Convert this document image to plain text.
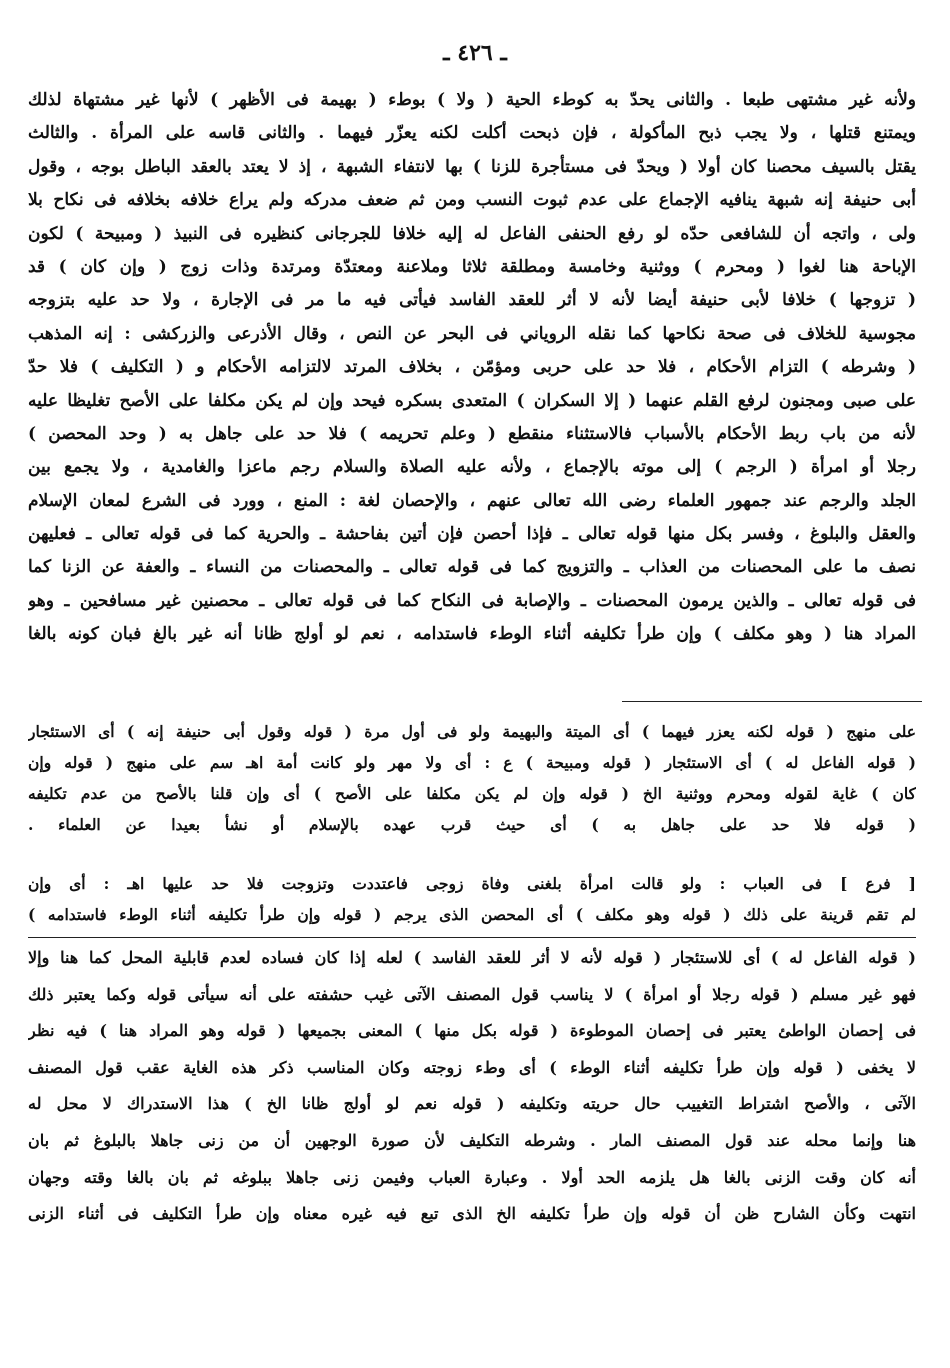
ـ ٤٢٦ ـ
ولأنه غير مشتهى طبعا . والثانى يحدّ به كوطء الحية ( ولا ) بوطء ( بهيمة فى الأظهر ) لأنها غير مشتهاة لذلك
ويمتنع قتلها ، ولا يجب ذبح المأكولة ، فإن ذبحت أكلت لكنه يعزّر فيهما . والثانى قاسه على المرأة . والثالث
يقتل بالسيف محصنا كان أولا ( ويحدّ فى مستأجرة للزنا ) بها لانتفاء الشبهة ، إذ لا يعتد بالعقد الباطل بوجه ، وقول
أبى حنيفة إنه شبهة ينافيه الإجماع على عدم ثبوت النسب ومن ثم ضعف مدركه ولم يراع خلافه بخلافه فى نكاح بلا
ولى ، واتجه أن للشافعى حدّه لو رفع الحنفى الفاعل له إليه خلافا للجرجانى كنظيره فى النبيذ ( ومبيحة ) لكون
الإباحة هنا لغوا ( ومحرم ) ووثنية وخامسة ومطلقة ثلاثا وملاعنة ومعتدّة ومرتدة وذات زوج ( وإن كان ) قد
( تزوجها ) خلافا لأبى حنيفة أيضا لأنه لا أثر للعقد الفاسد فيأتى فيه ما مر فى الإجارة ، ولا حد عليه بتزوجه
مجوسية للخلاف فى صحة نكاحها كما نقله الروياني فى البحر عن النص ، وقال الأذرعى والزركشى : إنه المذهب
( وشرطه ) التزام الأحكام ، فلا حد على حربى ومؤمّن ، بخلاف المرتد لالتزامه الأحكام و ( التكليف ) فلا حدّ
على صبى ومجنون لرفع القلم عنهما ( إلا السكران ) المتعدى بسكره فيحد وإن لم يكن مكلفا على الأصح تغليظا عليه
لأنه من باب ربط الأحكام بالأسباب فالاستثناء منقطع ( وعلم تحريمه ) فلا حد على جاهل به ( وحد المحصن )
رجلا أو امرأة ( الرجم ) إلى موته بالإجماع ، ولأنه عليه الصلاة والسلام رجم ماعزا والغامدية ، ولا يجمع بين
الجلد والرجم عند جمهور العلماء رضى الله تعالى عنهم ، والإحصان لغة : المنع ، وورد فى الشرع لمعان الإسلام
والعقل والبلوغ ، وفسر بكل منها قوله تعالى ـ فإذا أحصن فإن أتين بفاحشة ـ والحرية كما فى قوله تعالى ـ فعليهن
نصف ما على المحصنات من العذاب ـ والتزويج كما فى قوله تعالى ـ والمحصنات من النساء ـ والعفة عن الزنا كما
فى قوله تعالى ـ والذين يرمون المحصنات ـ والإصابة فى النكاح كما فى قوله تعالى ـ محصنين غير مسافحين ـ وهو
المراد هنا ( وهو مكلف ) وإن طرأ تكليفه أثناء الوطء فاستدامه ، نعم لو أولج ظانا أنه غير بالغ فبان كونه بالغا
على منهج ( قوله لكنه يعزر فيهما ) أى الميتة والبهيمة ولو فى أول مرة ( قوله وقول أبى حنيفة إنه ) أى الاستئجار
( قوله الفاعل له ) أى الاستئجار ( قوله ومبيحة ) ع : أى ولا مهر ولو كانت أمة اهـ سم على منهج ( قوله وإن
كان ) غاية لقوله ومحرم ووثنية الخ ( قوله وإن لم يكن مكلفا على الأصح ) أى وإن قلنا بالأصح من عدم تكليفه
( قوله فلا حد على جاهل به ) أى حيث قرب عهده بالإسلام أو نشأ بعيدا عن العلماء .
[ فرع ] فى العباب : ولو قالت امرأة بلغنى وفاة زوجى فاعتددت وتزوجت فلا حد عليها اهـ : أى وإن
لم تقم قرينة على ذلك ( قوله وهو مكلف ) أى المحصن الذى يرجم ( قوله وإن طرأ تكليفه أثناء الوطء فاستدامه )
( قوله الفاعل له ) أى للاستئجار ( قوله لأنه لا أثر للعقد الفاسد ) لعله إذا كان فساده لعدم قابلية المحل كما هنا وإلا
فهو غير مسلم ( قوله رجلا أو امرأة ) لا يناسب قول المصنف الآتى غيب حشفته على أنه سيأتى قوله وكما يعتبر ذلك
فى إحصان الواطئ يعتبر فى إحصان الموطوءة ( قوله بكل منها ) المعنى بجميعها ( قوله وهو المراد هنا ) فيه نظر
لا يخفى ( قوله وإن طرأ تكليفه أثناء الوطء ) أى وطء زوجته وكان المناسب ذكر هذه الغاية عقب قول المصنف
الآتى ، والأصح اشتراط التغييب حال حريته وتكليفه ( قوله نعم لو أولج ظانا الخ ) هذا الاستدراك لا محل له
هنا وإنما محله عند قول المصنف المار . وشرطه التكليف لأن صورة الوجهين أن من زنى جاهلا بالبلوغ ثم بان
أنه كان وقت الزنى بالغا هل يلزمه الحد أولا . وعبارة العباب وفيمن زنى جاهلا ببلوغه ثم بان بالغا وقته وجهان
انتهت وكأن الشارح ظن أن قوله وإن طرأ تكليفه الخ الذى تبع فيه غيره معناه وإن طرأ التكليف فى أثناء الزنى
